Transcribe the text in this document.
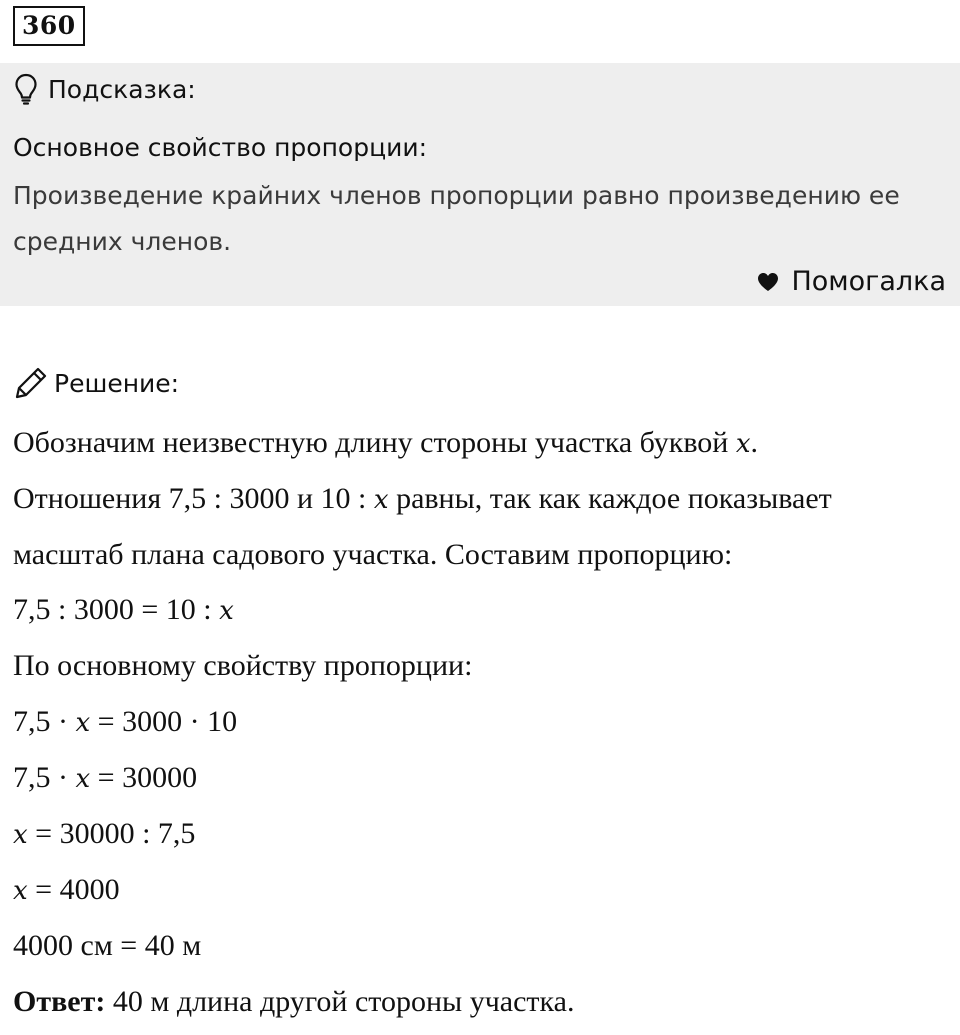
360
Подсказка:
Основное свойство пропорции:
Произведение крайних членов пропорции равно произведению ее средних членов.
Помогалка
Решение:
Обозначим неизвестную длину стороны участка буквой x.
Отношения 7,5 : 3000 и 10 : x равны, так как каждое показывает
масштаб плана садового участка. Составим пропорцию:
7,5 : 3000 = 10 : x
По основному свойству пропорции:
7,5 · x = 3000 · 10
7,5 · x = 30000
x = 30000 : 7,5
x = 4000
4000 см = 40 м
Ответ: 40 м длина другой стороны участка.
